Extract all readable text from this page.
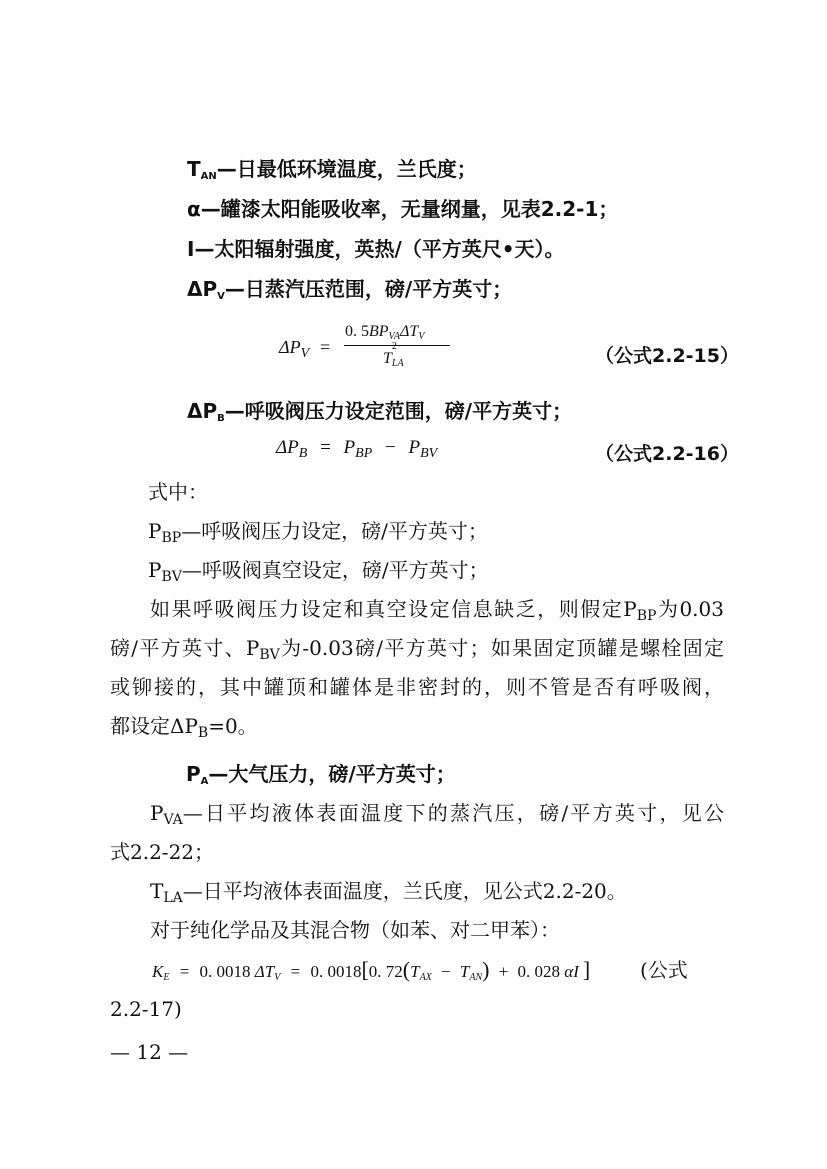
$T_{AN}—$日最低环境温度，兰氏度；
α—罐漆太阳能吸收率，无量纲量，见表2.2-1；
I—太阳辐射强度，英热/（平方英尺•天）。
$\Delta P_V—$日蒸汽压范围，磅/平方英寸；
$\Delta P_V$ =
0. $5BP_{VA}\Delta T_V$
T
2
LA
	（公式2.2-15）
$\Delta P_B—$呼吸阀压力设定范围，磅/平方英寸；
$\Delta P_B = P_{BP} - P_{BV}$	（公式2.2-16）
式中：
$P_{BP}—$呼吸阀压力设定，磅/平方英寸；
$P_{BV}—$呼吸阀真空设定，磅/平方英寸；
如果呼吸阀压力设定和真空设定信息缺乏，则假定$P_{BP}$为0.03
磅/平方英寸、$P_{BV}$为-0.03磅/平方英寸；如果固定顶罐是螺栓固定
或铆接的，其中罐顶和罐体是非密封的，则不管是否有呼吸阀，
都设定$\Delta P_B=0$。
$P_A—$大气压力，磅/平方英寸；
$P_{VA}—$日平均液体表面温度下的蒸汽压，磅/平方英寸，见公
式2.2-22；
$T_{LA}—$日平均液体表面温度，兰氏度，见公式2.2-20。
对于纯化学品及其混合物（如苯、对二甲苯）：
$K_E = 0$. 0018 $\Delta T_V = 0$. 0018[0. $72(T_{AX} - T_{AN}) + 0$. 028 αI ] (公式
2.2-17)
— 12 —
